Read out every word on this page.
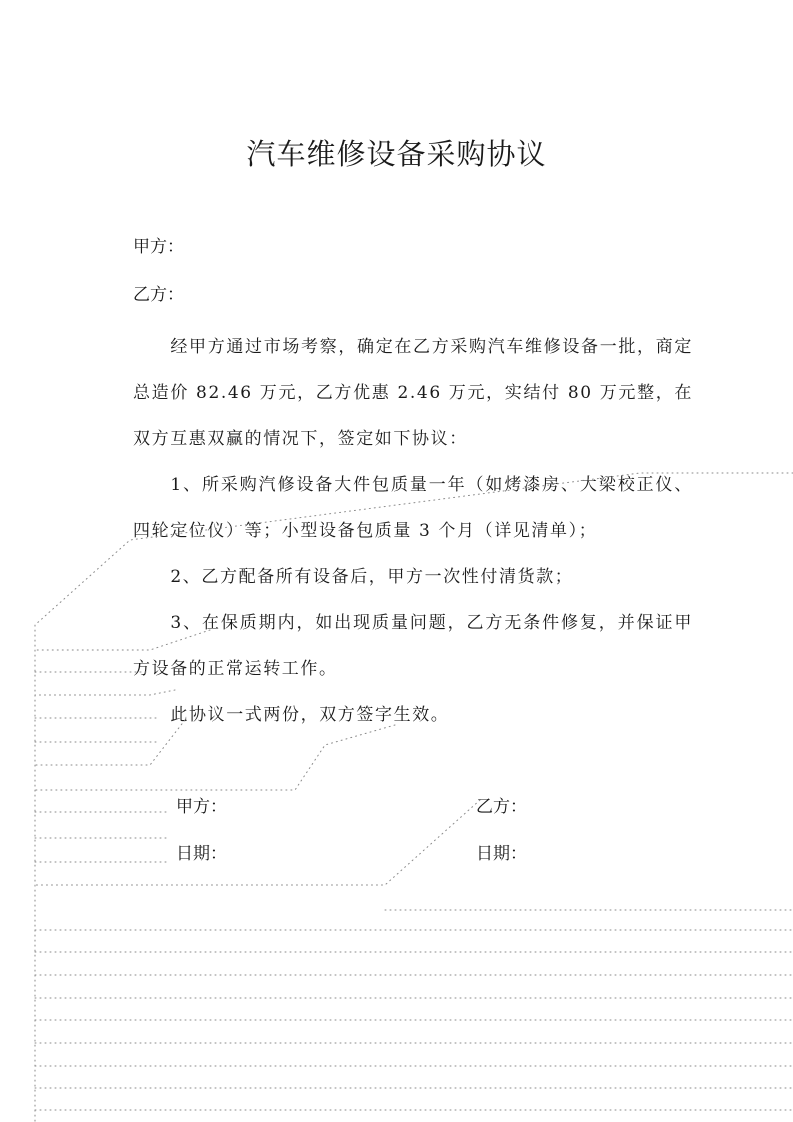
汽车维修设备采购协议
甲方：
乙方：

经甲方通过市场考察，确定在乙方采购汽车维修设备一批，商定总造价 82.46 万元，乙方优惠 2.46 万元，实结付 80 万元整，在双方互惠双赢的情况下，签定如下协议：

1、所采购汽修设备大件包质量一年（如烤漆房、大梁校正仪、四轮定位仪）等；小型设备包质量 3 个月（详见清单）；

2、乙方配备所有设备后，甲方一次性付清货款；

3、在保质期内，如出现质量问题，乙方无条件修复，并保证甲方设备的正常运转工作。

此协议一式两份，双方签字生效。

甲方：
日期：
乙方：
日期：
